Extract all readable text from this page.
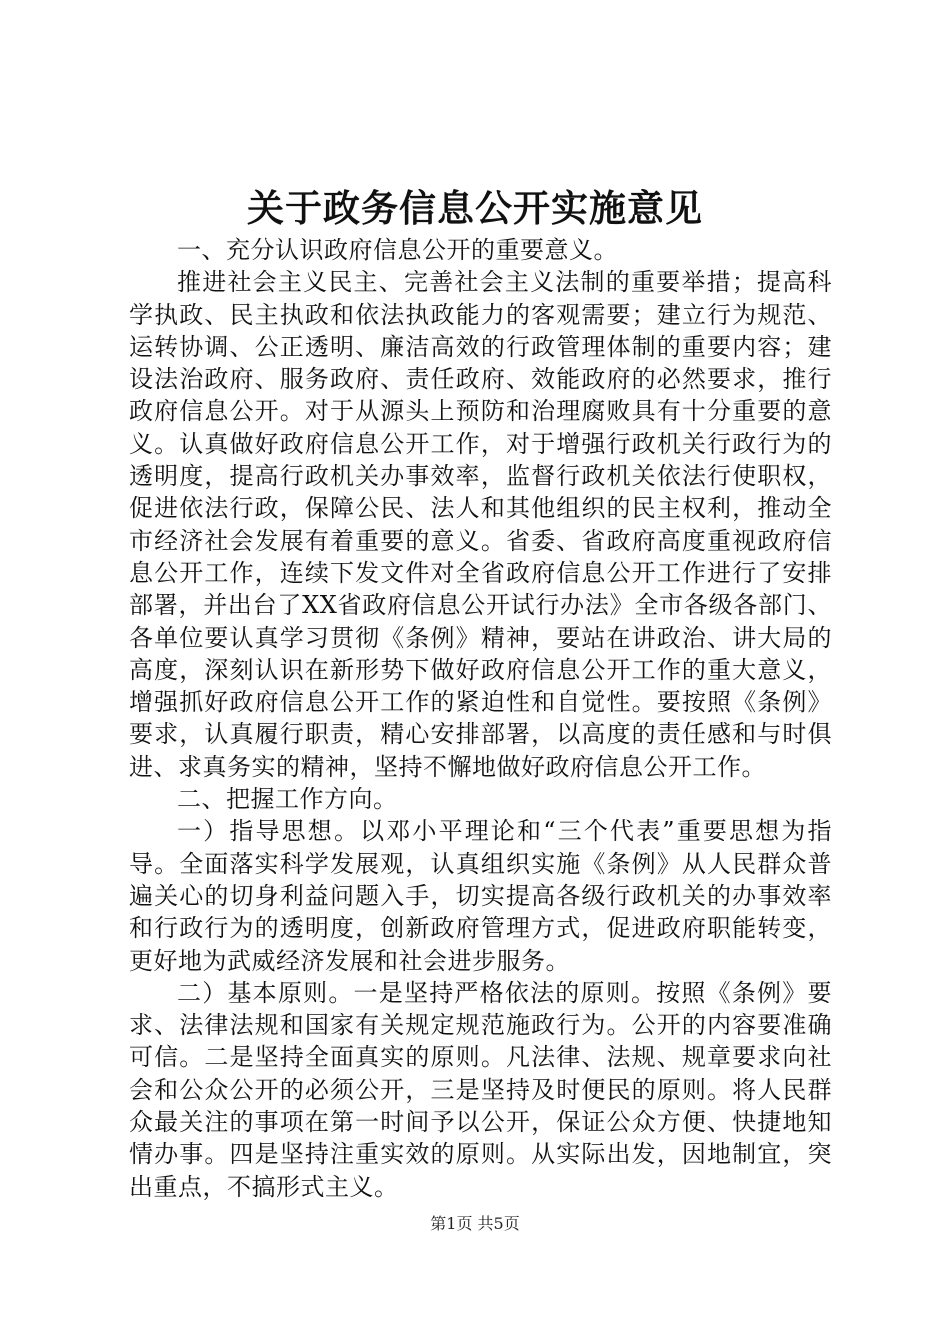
关于政务信息公开实施意见

一、充分认识政府信息公开的重要意义。

推进社会主义民主、完善社会主义法制的重要举措；提高科学执政、民主执政和依法执政能力的客观需要；建立行为规范、运转协调、公正透明、廉洁高效的行政管理体制的重要内容；建设法治政府、服务政府、责任政府、效能政府的必然要求，推行政府信息公开。对于从源头上预防和治理腐败具有十分重要的意义。认真做好政府信息公开工作，对于增强行政机关行政行为的透明度，提高行政机关办事效率，监督行政机关依法行使职权，促进依法行政，保障公民、法人和其他组织的民主权利，推动全市经济社会发展有着重要的意义。省委、省政府高度重视政府信息公开工作，连续下发文件对全省政府信息公开工作进行了安排部署，并出台了XX省政府信息公开试行办法》全市各级各部门、各单位要认真学习贯彻《条例》精神，要站在讲政治、讲大局的高度，深刻认识在新形势下做好政府信息公开工作的重大意义，增强抓好政府信息公开工作的紧迫性和自觉性。要按照《条例》要求，认真履行职责，精心安排部署，以高度的责任感和与时俱进、求真务实的精神，坚持不懈地做好政府信息公开工作。

二、把握工作方向。

一）指导思想。以邓小平理论和“三个代表”重要思想为指导。全面落实科学发展观，认真组织实施《条例》从人民群众普遍关心的切身利益问题入手，切实提高各级行政机关的办事效率和行政行为的透明度，创新政府管理方式，促进政府职能转变，更好地为武威经济发展和社会进步服务。

二）基本原则。一是坚持严格依法的原则。按照《条例》要求、法律法规和国家有关规定规范施政行为。公开的内容要准确可信。二是坚持全面真实的原则。凡法律、法规、规章要求向社会和公众公开的必须公开，三是坚持及时便民的原则。将人民群众最关注的事项在第一时间予以公开，保证公众方便、快捷地知情办事。四是坚持注重实效的原则。从实际出发，因地制宜，突出重点，不搞形式主义。

第1页 共5页
